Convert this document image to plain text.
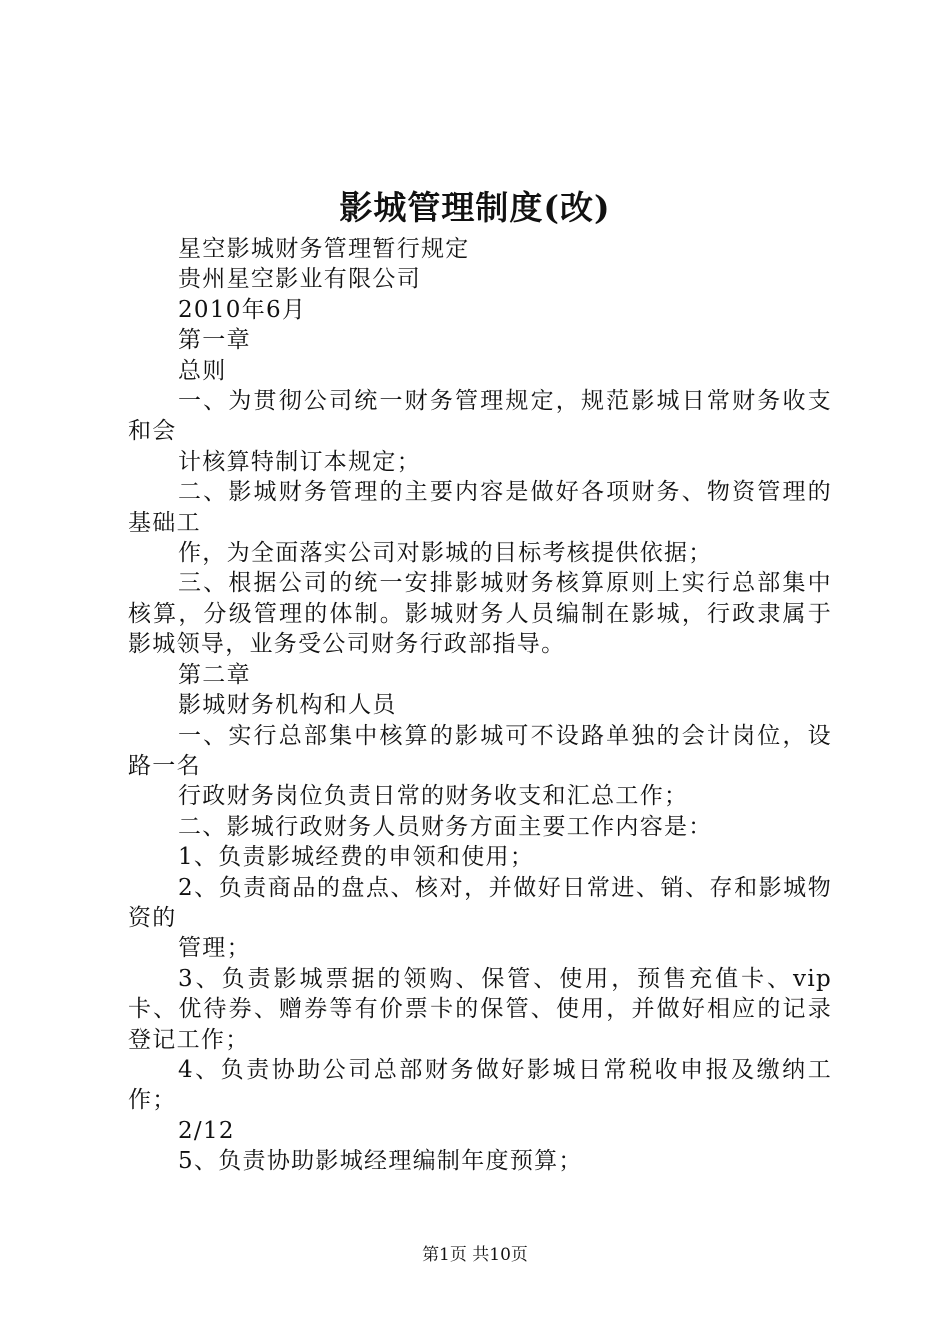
影城管理制度(改)

星空影城财务管理暂行规定

贵州星空影业有限公司

2010年6月

第一章

总则

一、为贯彻公司统一财务管理规定，规范影城日常财务收支和会

计核算特制订本规定；

二、影城财务管理的主要内容是做好各项财务、物资管理的基础工

作，为全面落实公司对影城的目标考核提供依据；

三、根据公司的统一安排影城财务核算原则上实行总部集中核算，分级管理的体制。影城财务人员编制在影城，行政隶属于影城领导，业务受公司财务行政部指导。

第二章

影城财务机构和人员

一、实行总部集中核算的影城可不设路单独的会计岗位，设路一名

行政财务岗位负责日常的财务收支和汇总工作；

二、影城行政财务人员财务方面主要工作内容是：

1、负责影城经费的申领和使用；

2、负责商品的盘点、核对，并做好日常进、销、存和影城物资的

管理；

3、负责影城票据的领购、保管、使用，预售充值卡、vip卡、优待券、赠券等有价票卡的保管、使用，并做好相应的记录登记工作；

4、负责协助公司总部财务做好影城日常税收申报及缴纳工作；

2/12

5、负责协助影城经理编制年度预算；

第1页 共10页
